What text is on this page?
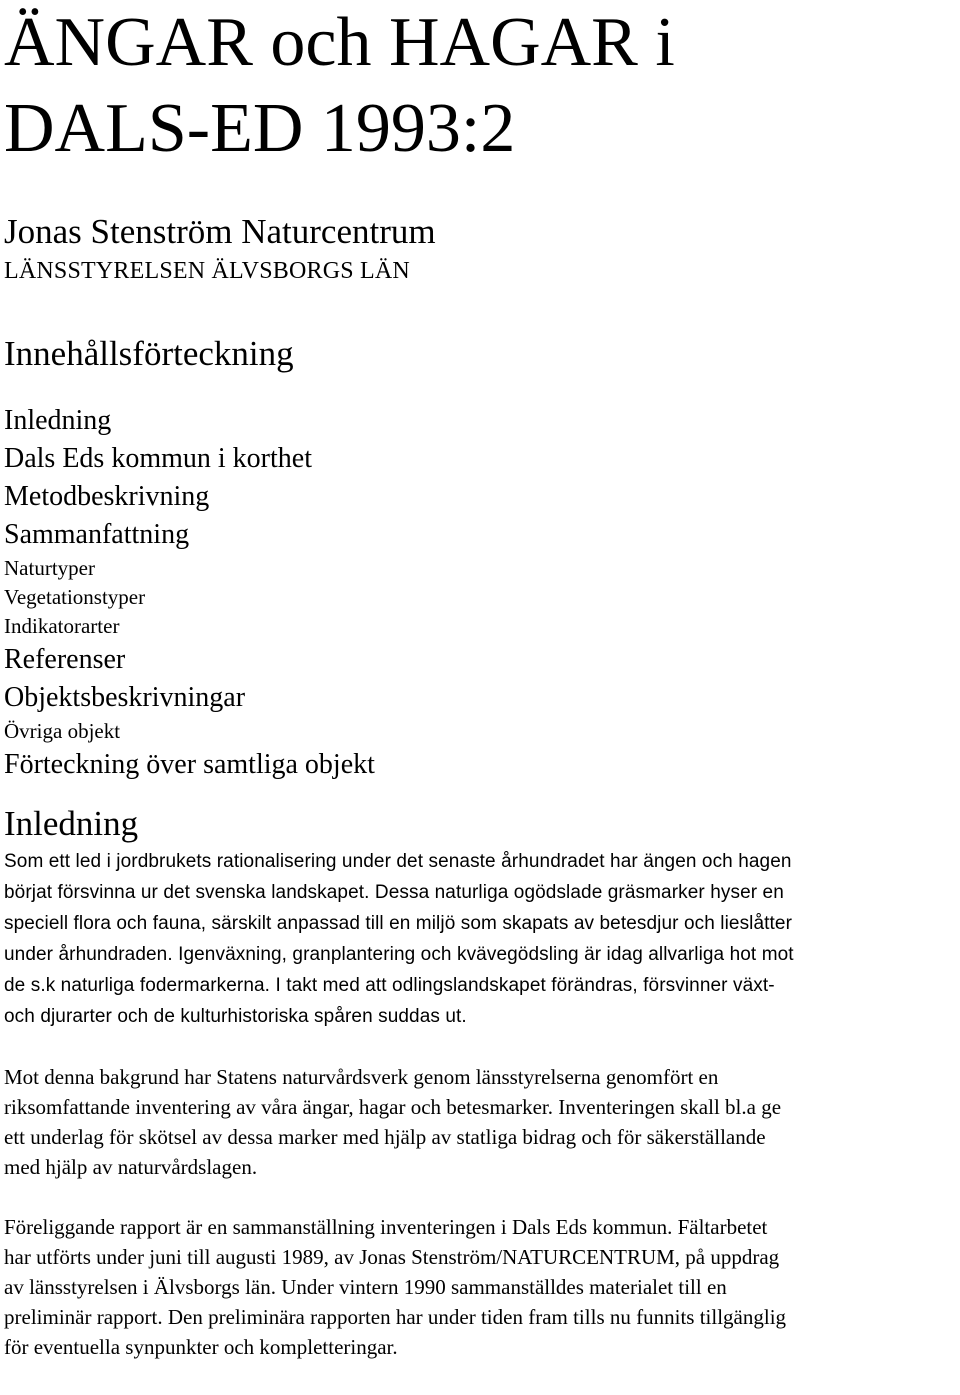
ÄNGAR och HAGAR i
DALS-ED 1993:2
Jonas Stenström Naturcentrum
LÄNSSTYRELSEN ÄLVSBORGS LÄN
Innehållsförteckning
Inledning
Dals Eds kommun i korthet
Metodbeskrivning
Sammanfattning
Naturtyper
Vegetationstyper
Indikatorarter
Referenser
Objektsbeskrivningar
Övriga objekt
Förteckning över samtliga objekt
Inledning
Som ett led i jordbrukets rationalisering under det senaste århundradet har ängen och hagen
börjat försvinna ur det svenska landskapet. Dessa naturliga ogödslade gräsmarker hyser en
speciell flora och fauna, särskilt anpassad till en miljö som skapats av betesdjur och lieslåtter
under århundraden. Igenväxning, granplantering och kvävegödsling är idag allvarliga hot mot
de s.k naturliga fodermarkerna. I takt med att odlingslandskapet förändras, försvinner växt-
och djurarter och de kulturhistoriska spåren suddas ut.
Mot denna bakgrund har Statens naturvårdsverk genom länsstyrelserna genomfört en
riksomfattande inventering av våra ängar, hagar och betesmarker. Inventeringen skall bl.a ge
ett underlag för skötsel av dessa marker med hjälp av statliga bidrag och för säkerställande
med hjälp av naturvårdslagen.
Föreliggande rapport är en sammanställning inventeringen i Dals Eds kommun. Fältarbetet
har utförts under juni till augusti 1989, av Jonas Stenström/NATURCENTRUM, på uppdrag
av länsstyrelsen i Älvsborgs län. Under vintern 1990 sammanställdes materialet till en
preliminär rapport. Den preliminära rapporten har under tiden fram tills nu funnits tillgänglig
för eventuella synpunkter och kompletteringar.
